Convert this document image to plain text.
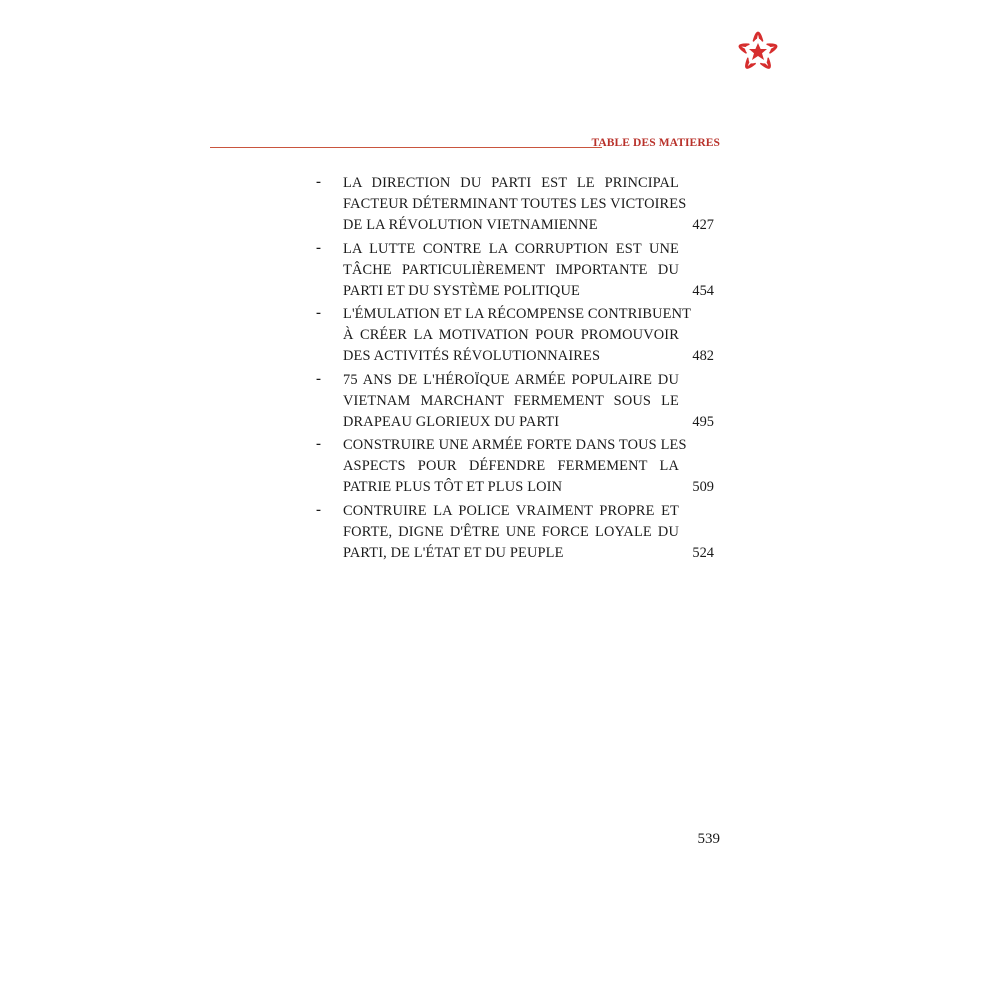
TABLE DES MATIERES
- LA DIRECTION DU PARTI EST LE PRINCIPAL
FACTEUR DÉTERMINANT TOUTES LES VICTOIRES
DE LA RÉVOLUTION VIETNAMIENNE	427
- LA LUTTE CONTRE LA CORRUPTION EST UNE
TÂCHE PARTICULIÈREMENT IMPORTANTE DU
PARTI ET DU SYSTÈME POLITIQUE	454
- L'ÉMULATION ET LA RÉCOMPENSE CONTRIBUENT
À CRÉER LA MOTIVATION POUR PROMOUVOIR
DES ACTIVITÉS RÉVOLUTIONNAIRES	482
- 75 ANS DE L'HÉROÏQUE ARMÉE POPULAIRE DU
VIETNAM MARCHANT FERMEMENT SOUS LE
DRAPEAU GLORIEUX DU PARTI	495
- CONSTRUIRE UNE ARMÉE FORTE DANS TOUS LES
ASPECTS POUR DÉFENDRE FERMEMENT LA
PATRIE PLUS TÔT ET PLUS LOIN	509
- CONTRUIRE LA POLICE VRAIMENT PROPRE ET
FORTE, DIGNE D'ÊTRE UNE FORCE LOYALE DU
PARTI, DE L'ÉTAT ET DU PEUPLE	524
539
